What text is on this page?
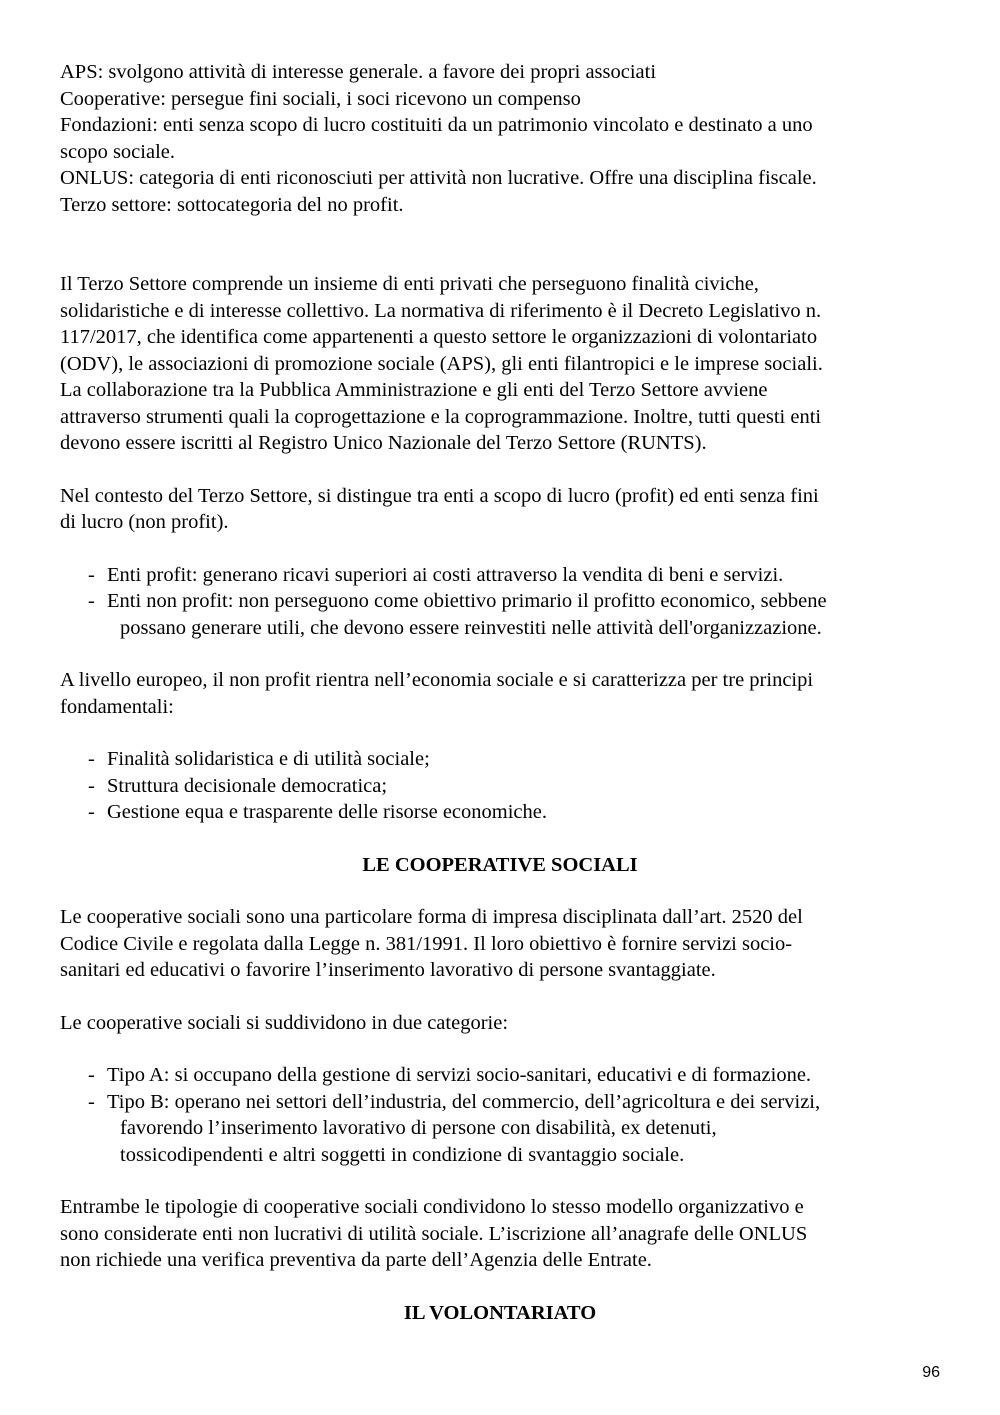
APS: svolgono attività di interesse generale. a favore dei propri associati

Cooperative: persegue fini sociali, i soci ricevono un compenso

Fondazioni: enti senza scopo di lucro costituiti da un patrimonio vincolato e destinato a uno

scopo sociale.

ONLUS: categoria di enti riconosciuti per attività non lucrative. Offre una disciplina fiscale.

Terzo settore: sottocategoria del no profit.

Il Terzo Settore comprende un insieme di enti privati che perseguono finalità civiche,

solidaristiche e di interesse collettivo. La normativa di riferimento è il Decreto Legislativo n.

117/2017, che identifica come appartenenti a questo settore le organizzazioni di volontariato

(ODV), le associazioni di promozione sociale (APS), gli enti filantropici e le imprese sociali.

La collaborazione tra la Pubblica Amministrazione e gli enti del Terzo Settore avviene

attraverso strumenti quali la coprogettazione e la coprogrammazione. Inoltre, tutti questi enti

devono essere iscritti al Registro Unico Nazionale del Terzo Settore (RUNTS).

Nel contesto del Terzo Settore, si distingue tra enti a scopo di lucro (profit) ed enti senza fini

di lucro (non profit).

- Enti profit: generano ricavi superiori ai costi attraverso la vendita di beni e servizi.
- Enti non profit: non perseguono come obiettivo primario il profitto economico, sebbene
possano generare utili, che devono essere reinvestiti nelle attività dell'organizzazione.

A livello europeo, il non profit rientra nell’economia sociale e si caratterizza per tre principi

fondamentali:

- Finalità solidaristica e di utilità sociale;
- Struttura decisionale democratica;
- Gestione equa e trasparente delle risorse economiche.

LE COOPERATIVE SOCIALI

Le cooperative sociali sono una particolare forma di impresa disciplinata dall’art. 2520 del

Codice Civile e regolata dalla Legge n. 381/1991. Il loro obiettivo è fornire servizi socio-

sanitari ed educativi o favorire l’inserimento lavorativo di persone svantaggiate.

Le cooperative sociali si suddividono in due categorie:

- Tipo A: si occupano della gestione di servizi socio-sanitari, educativi e di formazione.
- Tipo B: operano nei settori dell’industria, del commercio, dell’agricoltura e dei servizi,
favorendo l’inserimento lavorativo di persone con disabilità, ex detenuti,
tossicodipendenti e altri soggetti in condizione di svantaggio sociale.

Entrambe le tipologie di cooperative sociali condividono lo stesso modello organizzativo e

sono considerate enti non lucrativi di utilità sociale. L’iscrizione all’anagrafe delle ONLUS

non richiede una verifica preventiva da parte dell’Agenzia delle Entrate.

IL VOLONTARIATO

96
